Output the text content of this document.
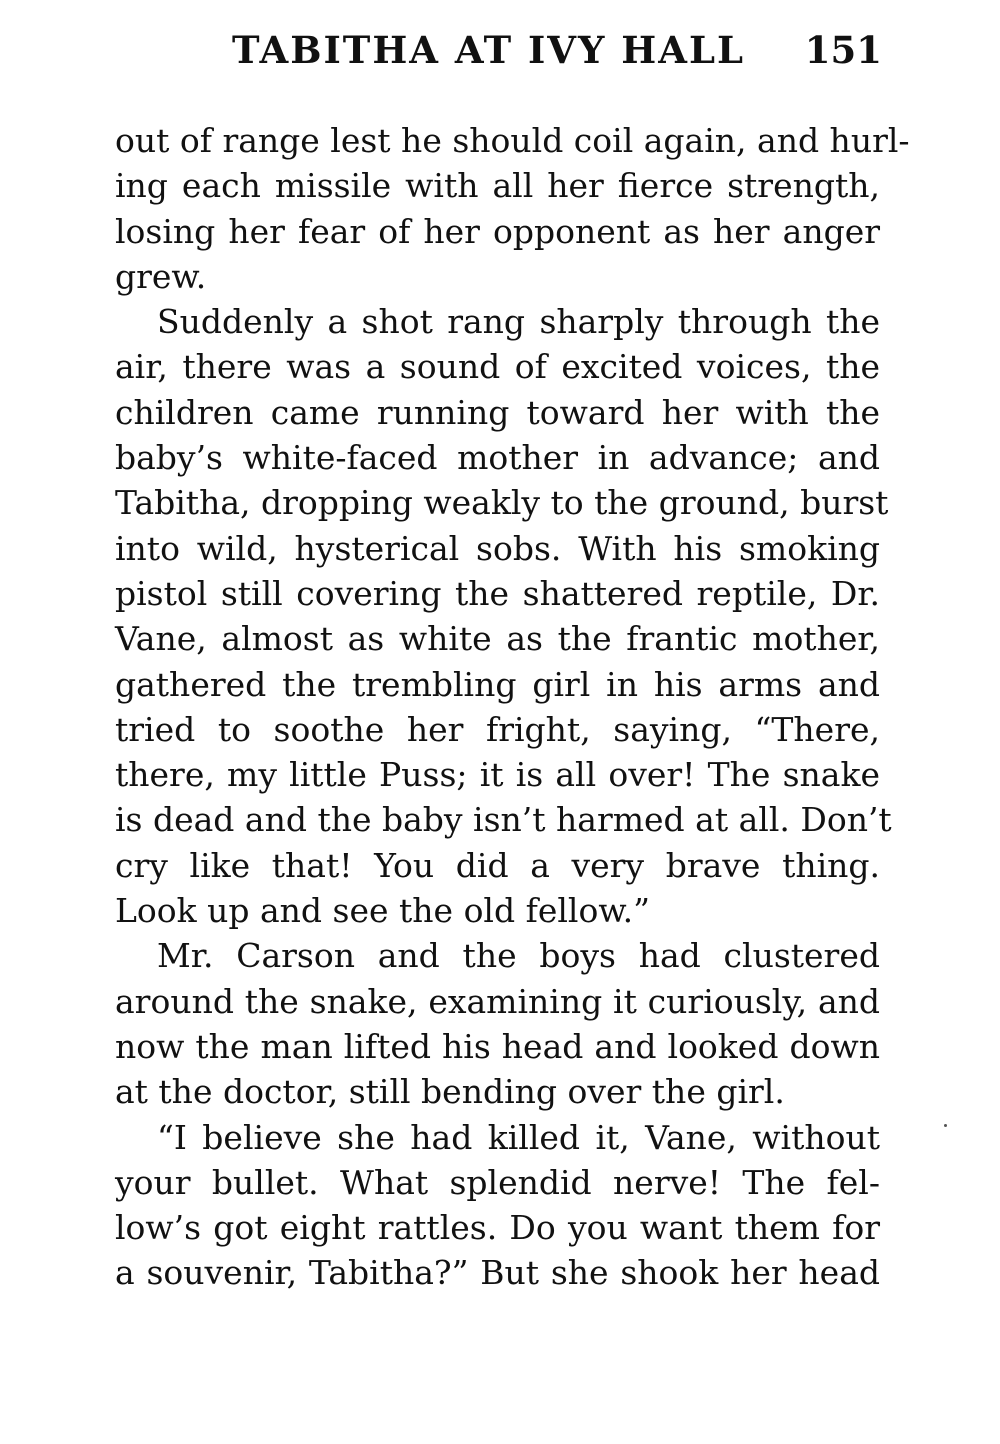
TABITHA AT IVY HALL 151
out of range lest he should coil again, and hurl-
ing each missile with all her fierce strength,
losing her fear of her opponent as her anger
grew.
Suddenly a shot rang sharply through the
air, there was a sound of excited voices, the
children came running toward her with the
baby’s white-faced mother in advance; and
Tabitha, dropping weakly to the ground, burst
into wild, hysterical sobs. With his smoking
pistol still covering the shattered reptile, Dr.
Vane, almost as white as the frantic mother,
gathered the trembling girl in his arms and
tried to soothe her fright, saying, “There,
there, my little Puss; it is all over! The snake
is dead and the baby isn’t harmed at all. Don’t
cry like that! You did a very brave thing.
Look up and see the old fellow.”
Mr. Carson and the boys had clustered
around the snake, examining it curiously, and
now the man lifted his head and looked down
at the doctor, still bending over the girl.
“I believe she had killed it, Vane, without
your bullet. What splendid nerve! The fel-
low’s got eight rattles. Do you want them for
a souvenir, Tabitha?” But she shook her head
